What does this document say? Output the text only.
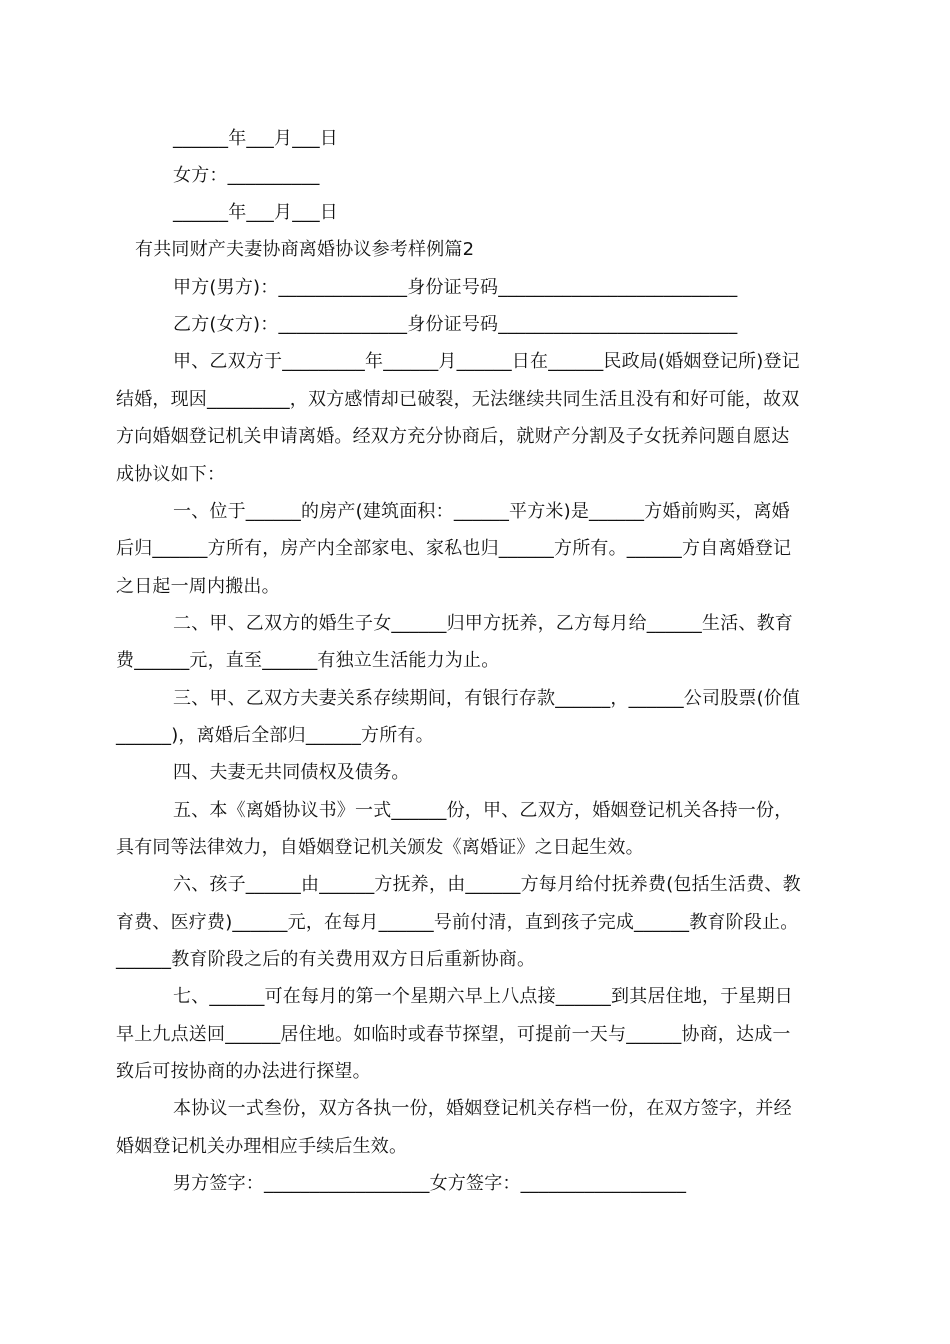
______年___月___日
女方：__________
______年___月___日
有共同财产夫妻协商离婚协议参考样例篇2
甲方(男方)：______________身份证号码__________________________
乙方(女方)：______________身份证号码__________________________
甲、乙双方于_________年______月______日在______民政局(婚姻登记所)登记
结婚，现因_________，双方感情却已破裂，无法继续共同生活且没有和好可能，故双
方向婚姻登记机关申请离婚。经双方充分协商后，就财产分割及子女抚养问题自愿达
成协议如下：
一、位于______的房产(建筑面积：______平方米)是______方婚前购买，离婚
后归______方所有，房产内全部家电、家私也归______方所有。______方自离婚登记
之日起一周内搬出。
二、甲、乙双方的婚生子女______归甲方抚养，乙方每月给______生活、教育
费______元，直至______有独立生活能力为止。
三、甲、乙双方夫妻关系存续期间，有银行存款______，______公司股票(价值
______)，离婚后全部归______方所有。
四、夫妻无共同债权及债务。
五、本《离婚协议书》一式______份，甲、乙双方，婚姻登记机关各持一份，
具有同等法律效力，自婚姻登记机关颁发《离婚证》之日起生效。
六、孩子______由______方抚养，由______方每月给付抚养费(包括生活费、教
育费、医疗费)______元，在每月______号前付清，直到孩子完成______教育阶段止。
______教育阶段之后的有关费用双方日后重新协商。
七、______可在每月的第一个星期六早上八点接______到其居住地，于星期日
早上九点送回______居住地。如临时或春节探望，可提前一天与______协商，达成一
致后可按协商的办法进行探望。
本协议一式叁份，双方各执一份，婚姻登记机关存档一份，在双方签字，并经
婚姻登记机关办理相应手续后生效。
男方签字：__________________女方签字：__________________
